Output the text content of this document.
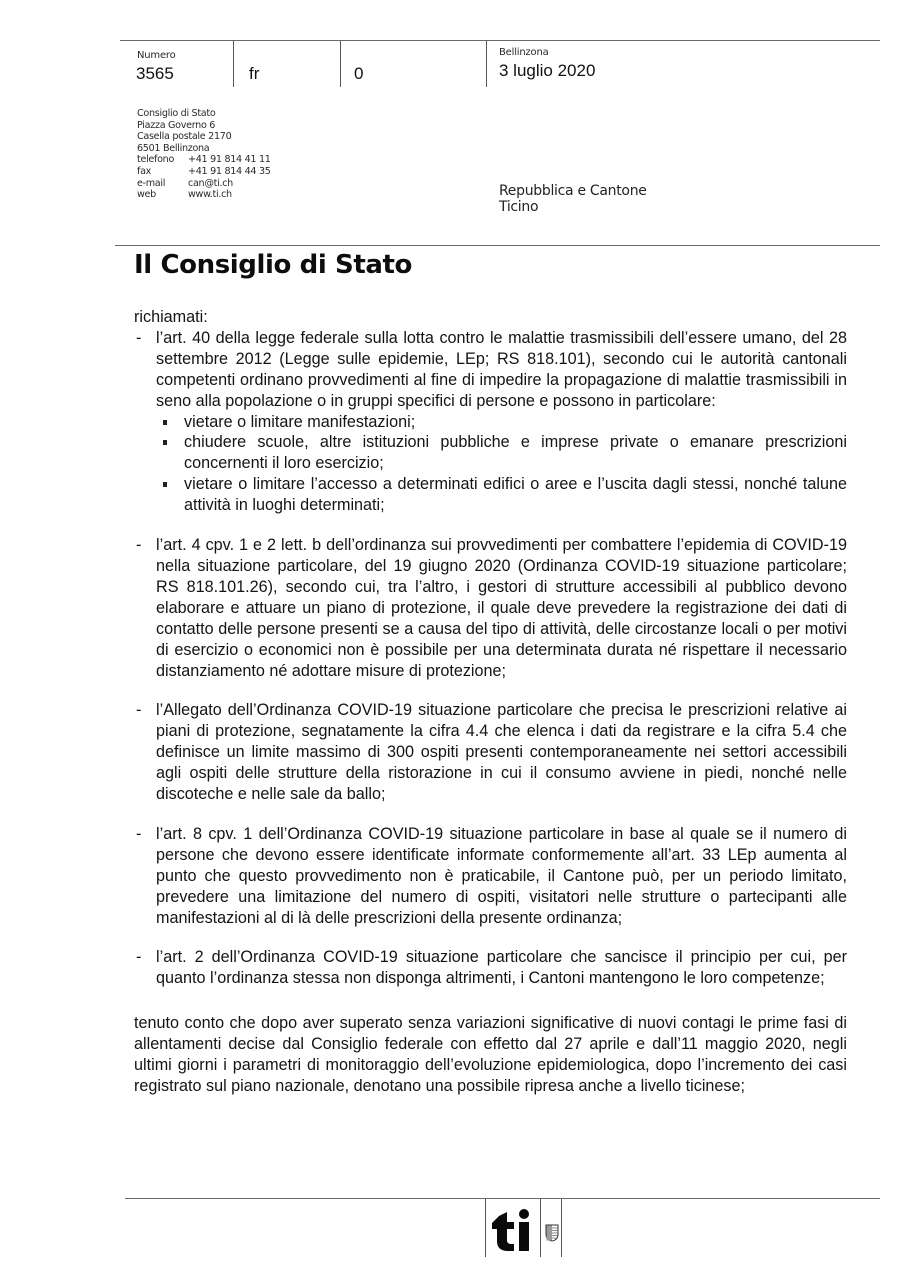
Numero
3565	fr	0
Bellinzona
3 luglio 2020
Consiglio di Stato
Piazza Governo 6
Casella postale 2170
6501 Bellinzona
telefono	+41 91 814 41 11
fax	+41 91 814 44 35
e-mail	can@ti.ch
web	www.ti.ch	Repubblica e Cantone
Ticino
Il Consiglio di Stato

richiamati:

- l’art. 40 della legge federale sulla lotta contro le malattie trasmissibili dell’essere umano, del 28 settembre 2012 (Legge sulle epidemie, LEp; RS 818.101), secondo cui le autorità cantonali competenti ordinano provvedimenti al fine di impedire la propagazione di malattie trasmissibili in seno alla popolazione o in gruppi specifici di persone e possono in particolare:

vietare o limitare manifestazioni;

chiudere scuole, altre istituzioni pubbliche e imprese private o emanare prescrizioni concernenti il loro esercizio;

vietare o limitare l’accesso a determinati edifici o aree e l’uscita dagli stessi, nonché talune attività in luoghi determinati;

- l’art. 4 cpv. 1 e 2 lett. b dell’ordinanza sui provvedimenti per combattere l’epidemia di COVID-19 nella situazione particolare, del 19 giugno 2020 (Ordinanza COVID-19 situazione particolare; RS 818.101.26), secondo cui, tra l’altro, i gestori di strutture accessibili al pubblico devono elaborare e attuare un piano di protezione, il quale deve prevedere la registrazione dei dati di contatto delle persone presenti se a causa del tipo di attività, delle circostanze locali o per motivi di esercizio o economici non è possibile per una determinata durata né rispettare il necessario distanziamento né adottare misure di protezione;

- l’Allegato dell’Ordinanza COVID-19 situazione particolare che precisa le prescrizioni relative ai piani di protezione, segnatamente la cifra 4.4 che elenca i dati da registrare e la cifra 5.4 che definisce un limite massimo di 300 ospiti presenti contemporaneamente nei settori accessibili agli ospiti delle strutture della ristorazione in cui il consumo avviene in piedi, nonché nelle discoteche e nelle sale da ballo;

- l’art. 8 cpv. 1 dell’Ordinanza COVID-19 situazione particolare in base al quale se il numero di persone che devono essere identificate informate conformemente all’art. 33 LEp aumenta al punto che questo provvedimento non è praticabile, il Cantone può, per un periodo limitato, prevedere una limitazione del numero di ospiti, visitatori nelle strutture o partecipanti alle manifestazioni al di là delle prescrizioni della presente ordinanza;

- l’art. 2 dell’Ordinanza COVID-19 situazione particolare che sancisce il principio per cui, per quanto l’ordinanza stessa non disponga altrimenti, i Cantoni mantengono le loro competenze;

tenuto conto che dopo aver superato senza variazioni significative di nuovi contagi le prime fasi di allentamenti decise dal Consiglio federale con effetto dal 27 aprile e dall’11 maggio 2020, negli ultimi giorni i parametri di monitoraggio dell’evoluzione epidemiologica, dopo l’incremento dei casi registrato sul piano nazionale, denotano una possibile ripresa anche a livello ticinese;
